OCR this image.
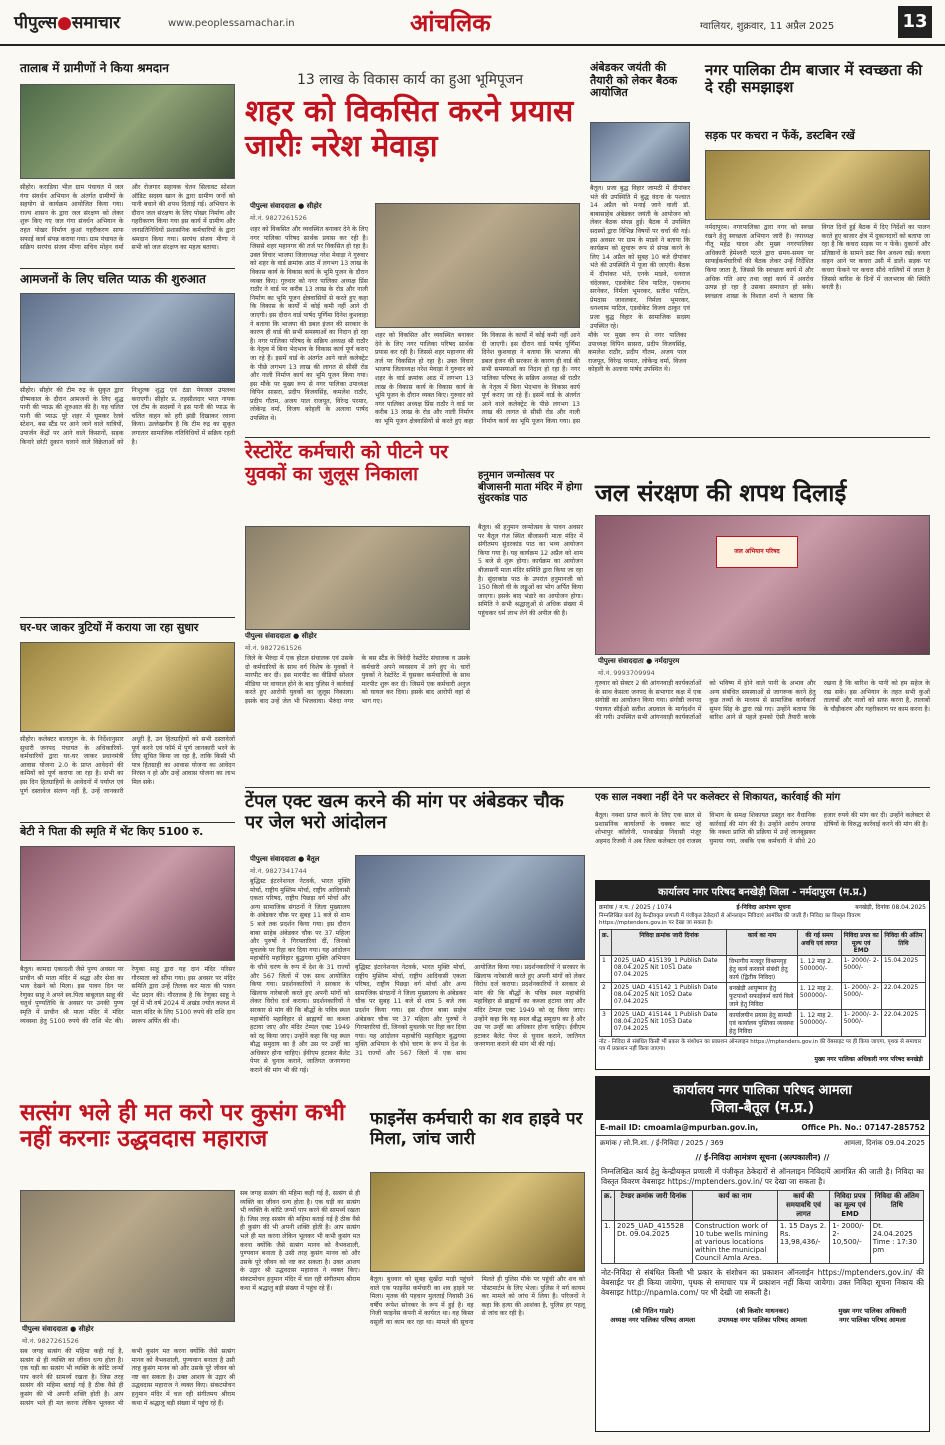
पीपुल्स●समाचार	www.peoplessamachar.in	आंचलिक	ग्वालियर, शुक्रवार, 11 अप्रैल 2025	13
तालाब में ग्रामीणों ने किया श्रमदान
सीहोर। कराडिया भील ग्राम पंचायत में जल गंगा संवर्धन अभियान के अंतर्गत ग्रामीणों के सहयोग से कार्यक्रम आयोजित किया गया। राज्य शासन के द्वारा जल संरक्षण को लेकर शुरू किए गए जल गंगा संवर्धन अभियान के तहत पोखर निर्माण कुआं गहरीकरण साफ सफाई कार्य संपन्न कराया गया। ग्राम पंचायत के सक्रिय सरपंच संजय मीणा सचिव मोहन वर्मा और रोजगार सहायक चेतन सिलावट सोशल ऑडिट सदस्य खान के द्वारा ग्रामीण जनों को पानी बचाने की शपथ दिलाई गई। अभियान के दौरान जल संरक्षण के लिए पोखर निर्माण और गहरीकरण किया गया इस कार्य में ग्रामीण और जनप्रतिनिधियों प्रशासनिक कर्मचारियों के द्वारा श्रमदान किया गया। सरपंच संजय मीणा ने सभी को जल संरक्षण का महत्व बताया।
आमजनों के लिए चलित प्याऊ की शुरुआत
सीहोर। सीहोर की टीम रुद्र के सुकृत द्वारा ग्रीष्मकाल के दौरान आमजनों के लिए शुद्ध पानी की प्याऊ की शुरुआत की है। यह चलित पानी की प्याऊ पूरे शहर में घूमकर रेलवे स्टेशन, बस स्टैंड पर आने जाने वाले यात्रियों, उपार्जन केंद्रों पर आने वाले किसानों, सड़क किनारे छोटी दुकान चलाने वाले विक्रेताओं को निःशुल्क शुद्ध एवं ठंडा पेयजल उपलब्ध कराएगी। सीहोर प्र. तहसीलदार भरत नायक एवं टीम के सदस्यों ने इस पानी की प्याऊ के चलित वाहन को हरी झंडी दिखाकर रवाना किया। उल्लेखनीय है कि टीम रुद्र का सुकृत लगातार सामाजिक गतिविधियों में सक्रिय रहती है।
घर-घर जाकर त्रुटियों में कराया जा रहा सुधार
सीहोर। कलेक्टर बालागुरू के. के निर्देशानुसार सुधारी जनपद पंचायत के अधिकारियों-कर्मचारियों द्वारा घर-घर जाकर प्रधानमंत्री आवास योजना 2.0 के प्राप्त आवेदनों की कमियों को पूर्ण कराया जा रहा है। सभी का इस दिन हितग्राहियों के आवेदनों में पर्याप्त एवं पूर्ण दस्तावेज संलग्न नहीं है, उन्हें जानकारी अधूरी है, उन हितग्राहियों को सभी दस्तावेजों पूर्ण करने एवं फॉर्म में पूर्ण जानकारी भरने के लिए सूचित किया जा रहा है, ताकि किसी भी पात्र हितग्राही का आवास योजना का आवेदन निरस्त न हो और उन्हें आवास योजना का लाभ मिल सके।
बेटी ने पिता की स्मृति में भेंट किए 5100 रु.
बैतूल। कामदा एकादशी जैसे पुण्य अवसर पर प्राचीन श्री माता मंदिर में श्रद्धा और सेवा का भाव देखने को मिला। इस पावन दिन पर रेणुका साहू ने अपने स्व.पिता बाबूलाल साहू की चतुर्थ पुण्यतिथि के अवसर पर उनकी पुण्य स्मृति में प्राचीन श्री माता मंदिर में मंदिर व्यवस्था हेतु 5100 रुपये की राशि भेंट की। रेणुका साहू द्वारा यह दान मंदिर परिसर गौरमाता को सौंपा गया। इस अवसर पर मंदिर समिति द्वारा उन्हें तिलक कर माता की पावन भेंट प्रदान की। गौरतलब है कि रेणुका साहू ने पूर्व में भी वर्ष 2024 में अखंड ज्योत कलश में माता मंदिर के लिए 5100 रुपये की राशि दान स्वरूप अर्पित की थी।
13 लाख के विकास कार्य का हुआ भूमिपूजन
शहर को विकसित करने प्रयास जारीः नरेश मेवाड़ा
पीपुल्स संवाददाता ● सीहोर
मो.नं. 9827261526
शहर को विकसित और व्यवस्थित बनाकर देने के लिए नगर पालिका परिषद सार्थक प्रयास कर रही है। जिससे शहर महानगर की तर्ज पर विकसित हो रहा है। उक्त विचार भाजपा जिलाध्यक्ष नरेश मेवाड़ा ने गुरुवार को शहर के वार्ड क्रमांक आठ में लगभग 13 लाख के विकास कार्य के विकास कार्य के भूमि पूजन के दौरान व्यक्त किए। गुरुवार को नगर पालिका अध्यक्ष प्रिंस राठौर ने वार्ड पर करीब 13 लाख के रोड और नाली निर्माण का भूमि पूजन क्षेत्रवासियों से करते हुए कहा कि विकास के कार्यों में कोई कमी नहीं आने दी जाएगी। इस दौरान वार्ड पार्षद पूर्णिमा दिनेश कुशवाहा ने बताया कि भाजपा की डबल इंजन की सरकार के कारण ही वार्ड की सभी समस्याओं का निदान हो रहा है। नगर पालिका परिषद के सक्रिय अध्यक्ष श्री राठौर के नेतृत्व में बिना भेदभाव के विकास कार्य पूर्ण कराए जा रहे हैं। इसमें वार्ड के अंतर्गत आने वाले कलेक्ट्रेट के पीछे लगभग 13 लाख की लागत से सीसी रोड और नाली निर्माण कार्य का भूमि पूजन किया गया। इस मौके पर मुख्य रूप से नगर पालिका उपाध्यक्ष विपिन सासरा, प्रदीप विजयसिंह, कमलेश राठौर, प्रदीप गौतम, अजय पाल राजपूत, विरेन्द्र परमार, लोकेन्द्र वर्मा, विजय कोहली के अलावा पार्षद उपस्थित थे।
शहर को विकसित और व्यवस्थित बनाकर देने के लिए नगर पालिका परिषद सार्थक प्रयास कर रही है। जिससे शहर महानगर की तर्ज पर विकसित हो रहा है। उक्त विचार भाजपा जिलाध्यक्ष नरेश मेवाड़ा ने गुरुवार को शहर के वार्ड क्रमांक आठ में लगभग 13 लाख के विकास कार्य के विकास कार्य के भूमि पूजन के दौरान व्यक्त किए। गुरुवार को नगर पालिका अध्यक्ष प्रिंस राठौर ने वार्ड पर करीब 13 लाख के रोड और नाली निर्माण का भूमि पूजन क्षेत्रवासियों से करते हुए कहा कि विकास के कार्यों में कोई कमी नहीं आने दी जाएगी। इस दौरान वार्ड पार्षद पूर्णिमा दिनेश कुशवाहा ने बताया कि भाजपा की डबल इंजन की सरकार के कारण ही वार्ड की सभी समस्याओं का निदान हो रहा है। नगर पालिका परिषद के सक्रिय अध्यक्ष श्री राठौर के नेतृत्व में बिना भेदभाव के विकास कार्य पूर्ण कराए जा रहे हैं। इसमें वार्ड के अंतर्गत आने वाले कलेक्ट्रेट के पीछे लगभग 13 लाख की लागत से सीसी रोड और नाली निर्माण कार्य का भूमि पूजन किया गया। इस मौके पर मुख्य रूप से नगर पालिका उपाध्यक्ष विपिन सासरा, प्रदीप विजयसिंह, कमलेश राठौर, प्रदीप गौतम, अजय पाल राजपूत, विरेन्द्र परमार, लोकेन्द्र वर्मा, विजय कोहली के अलावा पार्षद उपस्थित थे।
अंबेडकर जयंती की तैयारी को लेकर बैठक आयोजित
बैतूल। प्रजा बुद्ध विहार जामठी में दीपांकर भंते की उपस्थिति में बुद्ध वंदना के पश्चात 14 अप्रैल को मनाई जाने वाली डॉ. बाबासाहेब अंबेडकर जयंती के आयोजन को लेकर बैठक संपन्न हुई। बैठक में उपस्थित सदस्यों द्वारा विभिन्न विषयों पर चर्चा की गई। इस अवसर पर ग्राम के माडवे ने बताया कि कार्यक्रम को सुचारू रूप से संपन्न करने के लिए 14 अप्रैल को सुबह 10 बजे दीपांकर भंते की उपस्थिति में पूजा की जाएगी। बैठक में दीपांकर भंते, एनके माडवे, धनराज चंदेलकर, एडवोकेट शिव पाटिल, एकनाथ सरनेकर, निर्मला भूमरकर, सतीश पाटिल, प्रेमदास जावलकर, निर्मला भूमरकर, धनश्याम पाटिल, एडवोकेट विजय ठाकुर एवं प्रजा बुद्ध विहार के सामाजिक सदस्य उपस्थित रहे।
नगर पालिका टीम बाजार में स्वच्छता की दे रही समझाइश
सड़क पर कचरा न फेंकें, डस्टबिन रखें
नर्मदापुरम। नगरपालिका द्वारा नगर को स्वच्छ रखने हेतु स्वच्छता अभियान जारी है। नपाध्यक्ष नीतू महेंद्र यादव और मुख्य नगरपालिका अधिकारी हेमेश्वरी पटले द्वारा समय-समय पर साफईकर्मचारियों की बैठक लेकर उन्हें निर्देशित किया जाता है, जिससे कि स्वच्छता कार्य में और अधिक गति आए तथा जहां कार्य में अवरोध उत्पन्न हो रहा है उसका समाधान हो सके। स्वच्छता शाखा के विशाल शर्मा ने बताया कि विगत दिनों हुई बैठक में दिए निर्देशों का पालन करते हुए बाजार क्षेत्र में दुकानदारों को बताया जा रहा है कि कचरा सड़क पर न फेंकें। दुकानों और प्रतिष्ठानों के सामने डस्ट बिन अवश्य रखें। कचरा वाहन आने पर कचरा उसी में डालें। सड़क पर कचरा फेंकने पर कचरा सीधे नालियों में जाता है जिससे बारिश के दिनों में जलभराव की स्थिति बनती है।
रेस्टोरेंट कर्मचारी को पीटने पर युवकों का जुलूस निकाला
पीपुल्स संवाददाता ● सीहोर
मो.नं. 9827261526
जिले के भैरुंदा में एक होटल संचालक एवं उसके दो कर्मचारियों के साथ वर्ग विशेष के युवकों ने मारपीट कर दी। इस मारपीट का वीडियो सोशल मीडिया पर वायरल होने के बाद पुलिस ने कार्रवाई करते हुए आरोपी युवकों का जुलूस निकाला। इसके बाद उन्हें जेल भी भिजवाया। भैरुंदा नगर के बस स्टैंड के त्रिवेदी रेस्टोरेंट संचालक व उसके कर्मचारी अपने व्यवसाय में लगे हुए थे। चारों युवकों ने रेस्टोरेंट में घुसकर कर्मचारियों के साथ मारपीट शुरू कर दी। जिसमें एक कर्मचारी अनुज को घायल कर दिया। इसके बाद आरोपी वहां से भाग गए।
हनुमान जन्मोत्सव पर बीजासनी माता मंदिर में होगा सुंदरकांड पाठ
बैतूल। श्री हनुमान जन्मोत्सव के पावन अवसर पर बैतूल गंज स्थित बीजासनी माता मंदिर में संगीतमय सुंदरकांड पाठ का भव्य आयोजन किया गया है। यह कार्यक्रम 12 अप्रैल को शाम 5 बजे से शुरू होगा। कार्यक्रम का आयोजन बीजासनी माता मंदिर समिति द्वारा किया जा रहा है। सुंदरकांड पाठ के उपरांत हनुमानजी को 150 किलो घी के लड्डुओं का भोग अर्पित किया जाएगा। इसके बाद भंडारे का आयोजन होगा। समिति ने सभी श्रद्धालुओं से अधिक संख्या में पहुंचकर धर्म लाभ लेने की अपील की है।
जल संरक्षण की शपथ दिलाई
जल अभियान परिषद
पीपुल्स संवाददाता ● नर्मदापुरम
मो.नं. 9993709994
गुरुवार को सेक्टर 2 की आंगनवाड़ी कार्यकर्ताओं के साथ केसला जनपद के सभागार कक्ष में एक संगोष्ठी का आयोजन किया गया। संगोष्ठी जनपद पंचायत सीईओ सतीश अग्रवाल के मार्गदर्शन में की गयी। उपस्थित सभी आंगनवाड़ी कार्यकर्ताओं को भविष्य में होने वाले पानी के अभाव और अन्य संबंधित समस्याओं से जागरूक करने हेतु कुछ तथ्यों के माध्यम से सामाजिक कार्यकर्ता सुमन सिंह के द्वारा रखे गए। उन्होंने बताया कि बारिश आने से पहले हमको ऐसी तैयारी करके रखना है कि बारिश के पानी को हम सहेज के रख सकें। इस अभियान के तहत सभी कुओं तालाबों और नालों को साफ़ करना है, तालाबों के चौड़ीकरण और गहरीकरण पर काम करना है।
टेंपल एक्ट खत्म करने की मांग पर अंबेडकर चौक पर जेल भरो आंदोलन
पीपुल्स संवाददाता ● बैतूल
मो.नं. 9827341744
बुद्धिस्ट इंटरनेशनल नेटवर्क, भारत मुक्ति मोर्चा, राष्ट्रीय मुस्लिम मोर्चा, राष्ट्रीय आदिवासी एकता परिषद, राष्ट्रीय पिछड़ा वर्ग मोर्चा और अन्य सामाजिक संगठनों ने जिला मुख्यालय के अंबेडकर चौक पर सुबह 11 बजे से शाम 5 बजे तक प्रदर्शन किया गया। इस दौरान बाबा साहेब अंबेडकर चौक पर 37 महिला और पुरुषों ने गिरफ्तारियां दीं, जिनको मुचलके पर रिहा कर दिया गया। यह आंदोलन महाबोधि महाविहार बुद्धगया मुक्ति अभियान के चौथे चरण के रूप में देश के 31 राज्यों और 567 जिलों में एक साथ आयोजित किया गया। प्रदर्शनकारियों ने सरकार के खिलाफ नारेबाजी करते हुए अपनी मांगों को लेकर विरोध दर्ज कराया। प्रदर्शनकारियों ने सरकार से मांग की कि बौद्धों के पवित्र स्थल महाबोधि महाविहार से ब्राह्मणों का कब्जा हटाया जाए और मंदिर टेम्पल एक्ट 1949 को रद्द किया जाए। उन्होंने कहा कि यह स्थल बौद्ध समुदाय का है और उस पर उन्हीं का अधिकार होना चाहिए। ईवीएम हटाकर बैलेट पेपर से चुनाव कराने, जातिगत जनगणना कराने की मांग भी की गई।
बुद्धिस्ट इंटरनेशनल नेटवर्क, भारत मुक्ति मोर्चा, राष्ट्रीय मुस्लिम मोर्चा, राष्ट्रीय आदिवासी एकता परिषद, राष्ट्रीय पिछड़ा वर्ग मोर्चा और अन्य सामाजिक संगठनों ने जिला मुख्यालय के अंबेडकर चौक पर सुबह 11 बजे से शाम 5 बजे तक प्रदर्शन किया गया। इस दौरान बाबा साहेब अंबेडकर चौक पर 37 महिला और पुरुषों ने गिरफ्तारियां दीं, जिनको मुचलके पर रिहा कर दिया गया। यह आंदोलन महाबोधि महाविहार बुद्धगया मुक्ति अभियान के चौथे चरण के रूप में देश के 31 राज्यों और 567 जिलों में एक साथ आयोजित किया गया। प्रदर्शनकारियों ने सरकार के खिलाफ नारेबाजी करते हुए अपनी मांगों को लेकर विरोध दर्ज कराया। प्रदर्शनकारियों ने सरकार से मांग की कि बौद्धों के पवित्र स्थल महाबोधि महाविहार से ब्राह्मणों का कब्जा हटाया जाए और मंदिर टेम्पल एक्ट 1949 को रद्द किया जाए। उन्होंने कहा कि यह स्थल बौद्ध समुदाय का है और उस पर उन्हीं का अधिकार होना चाहिए। ईवीएम हटाकर बैलेट पेपर से चुनाव कराने, जातिगत जनगणना कराने की मांग भी की गई।
एक साल नक्शा नहीं देने पर कलेक्टर से शिकायत, कार्रवाई की मांग
बैतूल। नक्शा प्राप्त करने के लिए एक साल से प्रशासनिक कार्यालयों के चक्कर काट रहे शोभापुर कॉलोनी, पाथाखेड़ा निवासी मंजूर अहमद रिजवी ने अब जिला कलेक्टर एवं राजस्व विभाग के समक्ष शिकायत प्रस्तुत कर वैधानिक कार्रवाई की मांग की है। उन्होंने आरोप लगाया कि नक्शा प्राप्ति की प्रक्रिया में उन्हें जानबूझकर घुमाया गया, जबकि एक कर्मचारी ने सीधे 20 हजार रुपये की मांग कर दी। उन्होंने कलेक्टर से दोषियों के विरुद्ध कार्रवाई करने की मांग की है।
कार्यालय नगर परिषद बनखेड़ी जिला - नर्मदापुरम (म.प्र.)
क्रमांक / न.प. / 2025 / 1074	ई-निविदा आमंत्रण सूचना	बनखेड़ी, दिनांक 08.04.2025
निम्नलिखित कार्य हेतु केन्द्रीयकृत प्रणाली में पंजीकृत ठेकेदारों से ऑनलाइन निविदाएं आमंत्रित की जाती हैं। निविदा का विस्तृत विवरण https://mptenders.gov.in पर देखा जा सकता है।
क्र.	निविदा क्रमांक जारी दिनांक	कार्य का नाम	की गई समय अवधि एवं लागत	निविदा प्रपत्र का मूल्य एवं EMD	निविदा की अंतिम तिथि
1	2025_UAD_415139_1 Publish Date 08.04.2025 Nit 1051 Date 07.04.2025	विभागीय मजदूर विश्रामगृह हेतु कार्य करवाने संबंधी हेतु कार्य (द्वितीय निविदा)	1. 12 माह 2. 500000/-	1- 2000/- 2- 5000/-	15.04.2025
2	2025_UAD_415142_1 Publish Date 08.04.2025 Nit 1052 Date 07.04.2025	बनखेड़ी आयुष्मान हेतु फुटपाथों सफाईकर्म कार्य किये जाने हेतु निविदा	1. 12 माह 2. 500000/-	1- 2000/- 2- 5000/-	22.04.2025
3	2025_UAD_415144_1 Publish Date 08.04.2025 Nit 1053 Date 07.04.2025	कार्यालयीन प्रयास हेतु सामग्री एवं कार्यालय पुस्तिका व्यवस्था हेतु निविदा	1. 12 माह 2. 500000/-	1- 2000/- 2- 5000/-	22.04.2025
नोट - निविदा से संबंधित किसी भी प्रकार के संशोधन का प्रकाशन ऑनलाइन https://mptenders.gov.in की वेबसाइट पर ही किया जाएगा, पृथक से समाचार पत्र में प्रकाशन नहीं किया जाएगा।
मुख्य नगर पालिका अधिकारी नगर परिषद बनखेड़ी
सत्संग भले ही मत करो पर कुसंग कभी नहीं करनाः उद्धवदास महाराज
पीपुल्स संवाददाता ● सीहोर
मो.नं. 9827261526
सब जगह सत्संग की महिमा कही गई है, सत्संग से ही व्यक्ति का जीवन धन्य होता है। एक घड़ी का सत्संग भी व्यक्ति के कोटि जन्मों पाप करने की सामर्थ्य रखता है। जिस तरह सत्संग की महिमा बताई गई है ठीक वैसे ही कुसंग की भी अपनी शक्ति होती है। आप सत्संग भले ही मत करना लेकिन भूलकर भी कभी कुसंग मत करना क्योंकि जैसे सत्संग मानव को वैभवशाली, पुण्यवान बनाता है उसी तरह कुसंग मानव को और उसके पूरे जीवन को नष्ट कर सकता है। उक्त आशय के उद्गार श्री उद्धवदास महाराज ने व्यक्त किए। संकटमोचन हनुमान मंदिर में चल रही संगीतमय श्रीराम कथा में श्रद्धालु बड़ी संख्या में पहुंच रहे हैं।
सब जगह सत्संग की महिमा कही गई है, सत्संग से ही व्यक्ति का जीवन धन्य होता है। एक घड़ी का सत्संग भी व्यक्ति के कोटि जन्मों पाप करने की सामर्थ्य रखता है। जिस तरह सत्संग की महिमा बताई गई है ठीक वैसे ही कुसंग की भी अपनी शक्ति होती है। आप सत्संग भले ही मत करना लेकिन भूलकर भी कभी कुसंग मत करना क्योंकि जैसे सत्संग मानव को वैभवशाली, पुण्यवान बनाता है उसी तरह कुसंग मानव को और उसके पूरे जीवन को नष्ट कर सकता है। उक्त आशय के उद्गार श्री उद्धवदास महाराज ने व्यक्त किए। संकटमोचन हनुमान मंदिर में चल रही संगीतमय श्रीराम कथा में श्रद्धालु बड़ी संख्या में पहुंच रहे हैं।
फाइनेंस कर्मचारी का शव हाइवे पर मिला, जांच जारी
बैतूल। बुधवार को सुबह सुर्खेदा माड़ी पहुंचने वाले एक फाइनेंस कर्मचारी का शव हाइवे पर मिला। मृतक की पहचान मुलताई निवासी 36 वर्षीय रूपेश सोनकर के रूप में हुई है। वह निजी फाइनेंस कंपनी में कार्यरत था। वह किस्त वसूली का काम कर रहा था। मामले की सूचना मिलते ही पुलिस मौके पर पहुंची और शव को पोस्टमार्टम के लिए भेजा। पुलिस ने मर्ग कायम कर मामले को जांच में लिया है। परिजनों ने कहा कि हत्या की आशंका है, पुलिस हर पहलू से जांच कर रही है।
कार्यालय नगर पालिका परिषद आमला
जिला-बैतूल (म.प्र.)
E-mail ID: cmoamla@mpurban.gov.in,	Office Ph. No.: 07147-285752
क्रमांक / लो.नि.शा. / ई-निविदा / 2025 / 369	आमला, दिनांक 09.04.2025
// ई-निविदा आमंत्रण सूचना (अल्पकालीन) //
निम्नलिखित कार्य हेतु केन्द्रीयकृत प्रणाली में पंजीकृत ठेकेदारों से ऑनलाइन निविदायें आमंत्रित की जाती है। निविदा का विस्तृत विवरण वेबसाइट https://mptenders.gov.in/ पर देखा जा सकता है।
क्र.	टेण्डर क्रमांक जारी दिनांक	कार्य का नाम	कार्य की समयावधि एवं लागत	निविदा प्रपत्र का मूल्य एवं EMD	निविदा की अंतिम तिथि
1.	2025_UAD_415528 Dt. 09.04.2025	Construction work of 10 tube wells mining at various locations within the municipal Council Amla Area.	1. 15 Days 2. Rs. 13,98,436/-	1- 2000/- 2- 10,500/-	Dt. 24.04.2025 Time : 17:30 pm
नोट-निविदा से संबंधित किसी भी प्रकार के संशोधन का प्रकाशन ऑनलाईन https://mptenders.gov.in/ की वेबसाईट पर ही किया जायेगा, पृथक से समाचार पत्र में प्रकाशन नहीं किया जायेगा। उक्त निविदा सूचना निकाय की वेबसाइट http://npamla.com/ पर भी देखी जा सकती है।
(श्री नितिन गाडरे)
अध्यक्ष नगर पालिका परिषद आमला
(श्री किशोर माथनकर)
उपाध्यक्ष नगर पालिका परिषद आमला
मुख्य नगर पालिका अधिकारी
नगर पालिका परिषद आमला
